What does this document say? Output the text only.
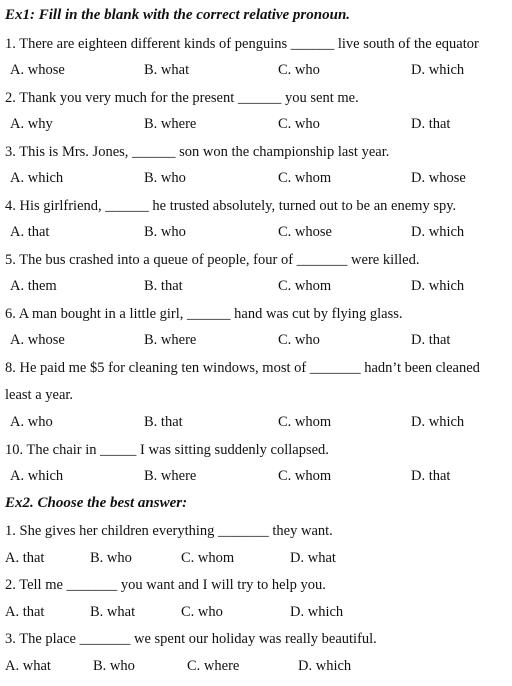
Ex1: Fill in the blank with the correct relative pronoun.
1. There are eighteen different kinds of penguins ______ live south of the equator
A. whose	B. what	C. who	D. which
2. Thank you very much for the present ______ you sent me.
A. why	B. where	C. who	D. that
3. This is Mrs. Jones, ______ son won the championship last year.
A. which	B. who	C. whom	D. whose
4. His girlfriend, ______ he trusted absolutely, turned out to be an enemy spy.
A. that	B. who	C. whose	D. which
5. The bus crashed into a queue of people, four of _______ were killed.
A. them	B. that	C. whom	D. which
6. A man bought in a little girl, ______ hand was cut by flying glass.
A. whose	B. where	C. who	D. that
8. He paid me $5 for cleaning ten windows, most of _______ hadn’t been cleaned
least a year.
A. who	B. that	C. whom	D. which
10. The chair in _____ I was sitting suddenly collapsed.
A. which	B. where	C. whom	D. that
Ex2. Choose the best answer:
1. She gives her children everything _______ they want.
A. that	B. who	C. whom	D. what
2. Tell me _______ you want and I will try to help you.
A. that	B. what	C. who	D. which
3. The place _______ we spent our holiday was really beautiful.
A. what	B. who	C. where	D. which
